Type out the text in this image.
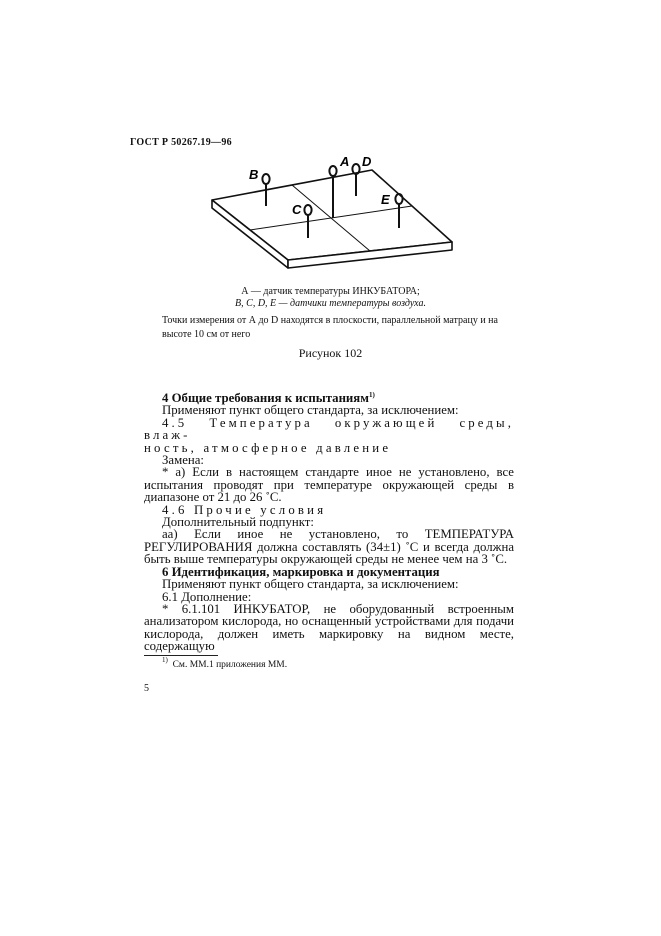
ГОСТ Р 50267.19—96
B
A D
C
E
А — датчик температуры ИНКУБАТОРА;
B, C, D, E — датчики температуры воздуха.
Точки измерения от А до D находятся в плоскости, параллельной матрацу и на высоте 10 см от него
Рисунок 102

4 Общие требования к испытаниям$^{1)}$

Применяют пункт общего стандарта, за исключением:

4.5 Температура окружающей среды, влаж-

ность, атмосферное давление

Замена:

* а) Если в настоящем стандарте иное не установлено, все испытания проводят при температуре окружающей среды в диапазоне от 21 до 26 ˚С.

4.6 Прочие условия

Дополнительный подпункт:

аа) Если иное не установлено, то ТЕМПЕРАТУРА РЕГУЛИРОВАНИЯ должна составлять (34±1) ˚С и всегда должна быть выше температуры окружающей среды не менее чем на 3 ˚С.

6 Идентификация, маркировка и документация

Применяют пункт общего стандарта, за исключением:

6.1 Дополнение:

* 6.1.101 ИНКУБАТОР, не оборудованный встроенным анализатором кислорода, но оснащенный устройствами для подачи кислорода, должен иметь маркировку на видном месте, содержащую

$^{1)}$ См. ММ.1 приложения ММ.
5
